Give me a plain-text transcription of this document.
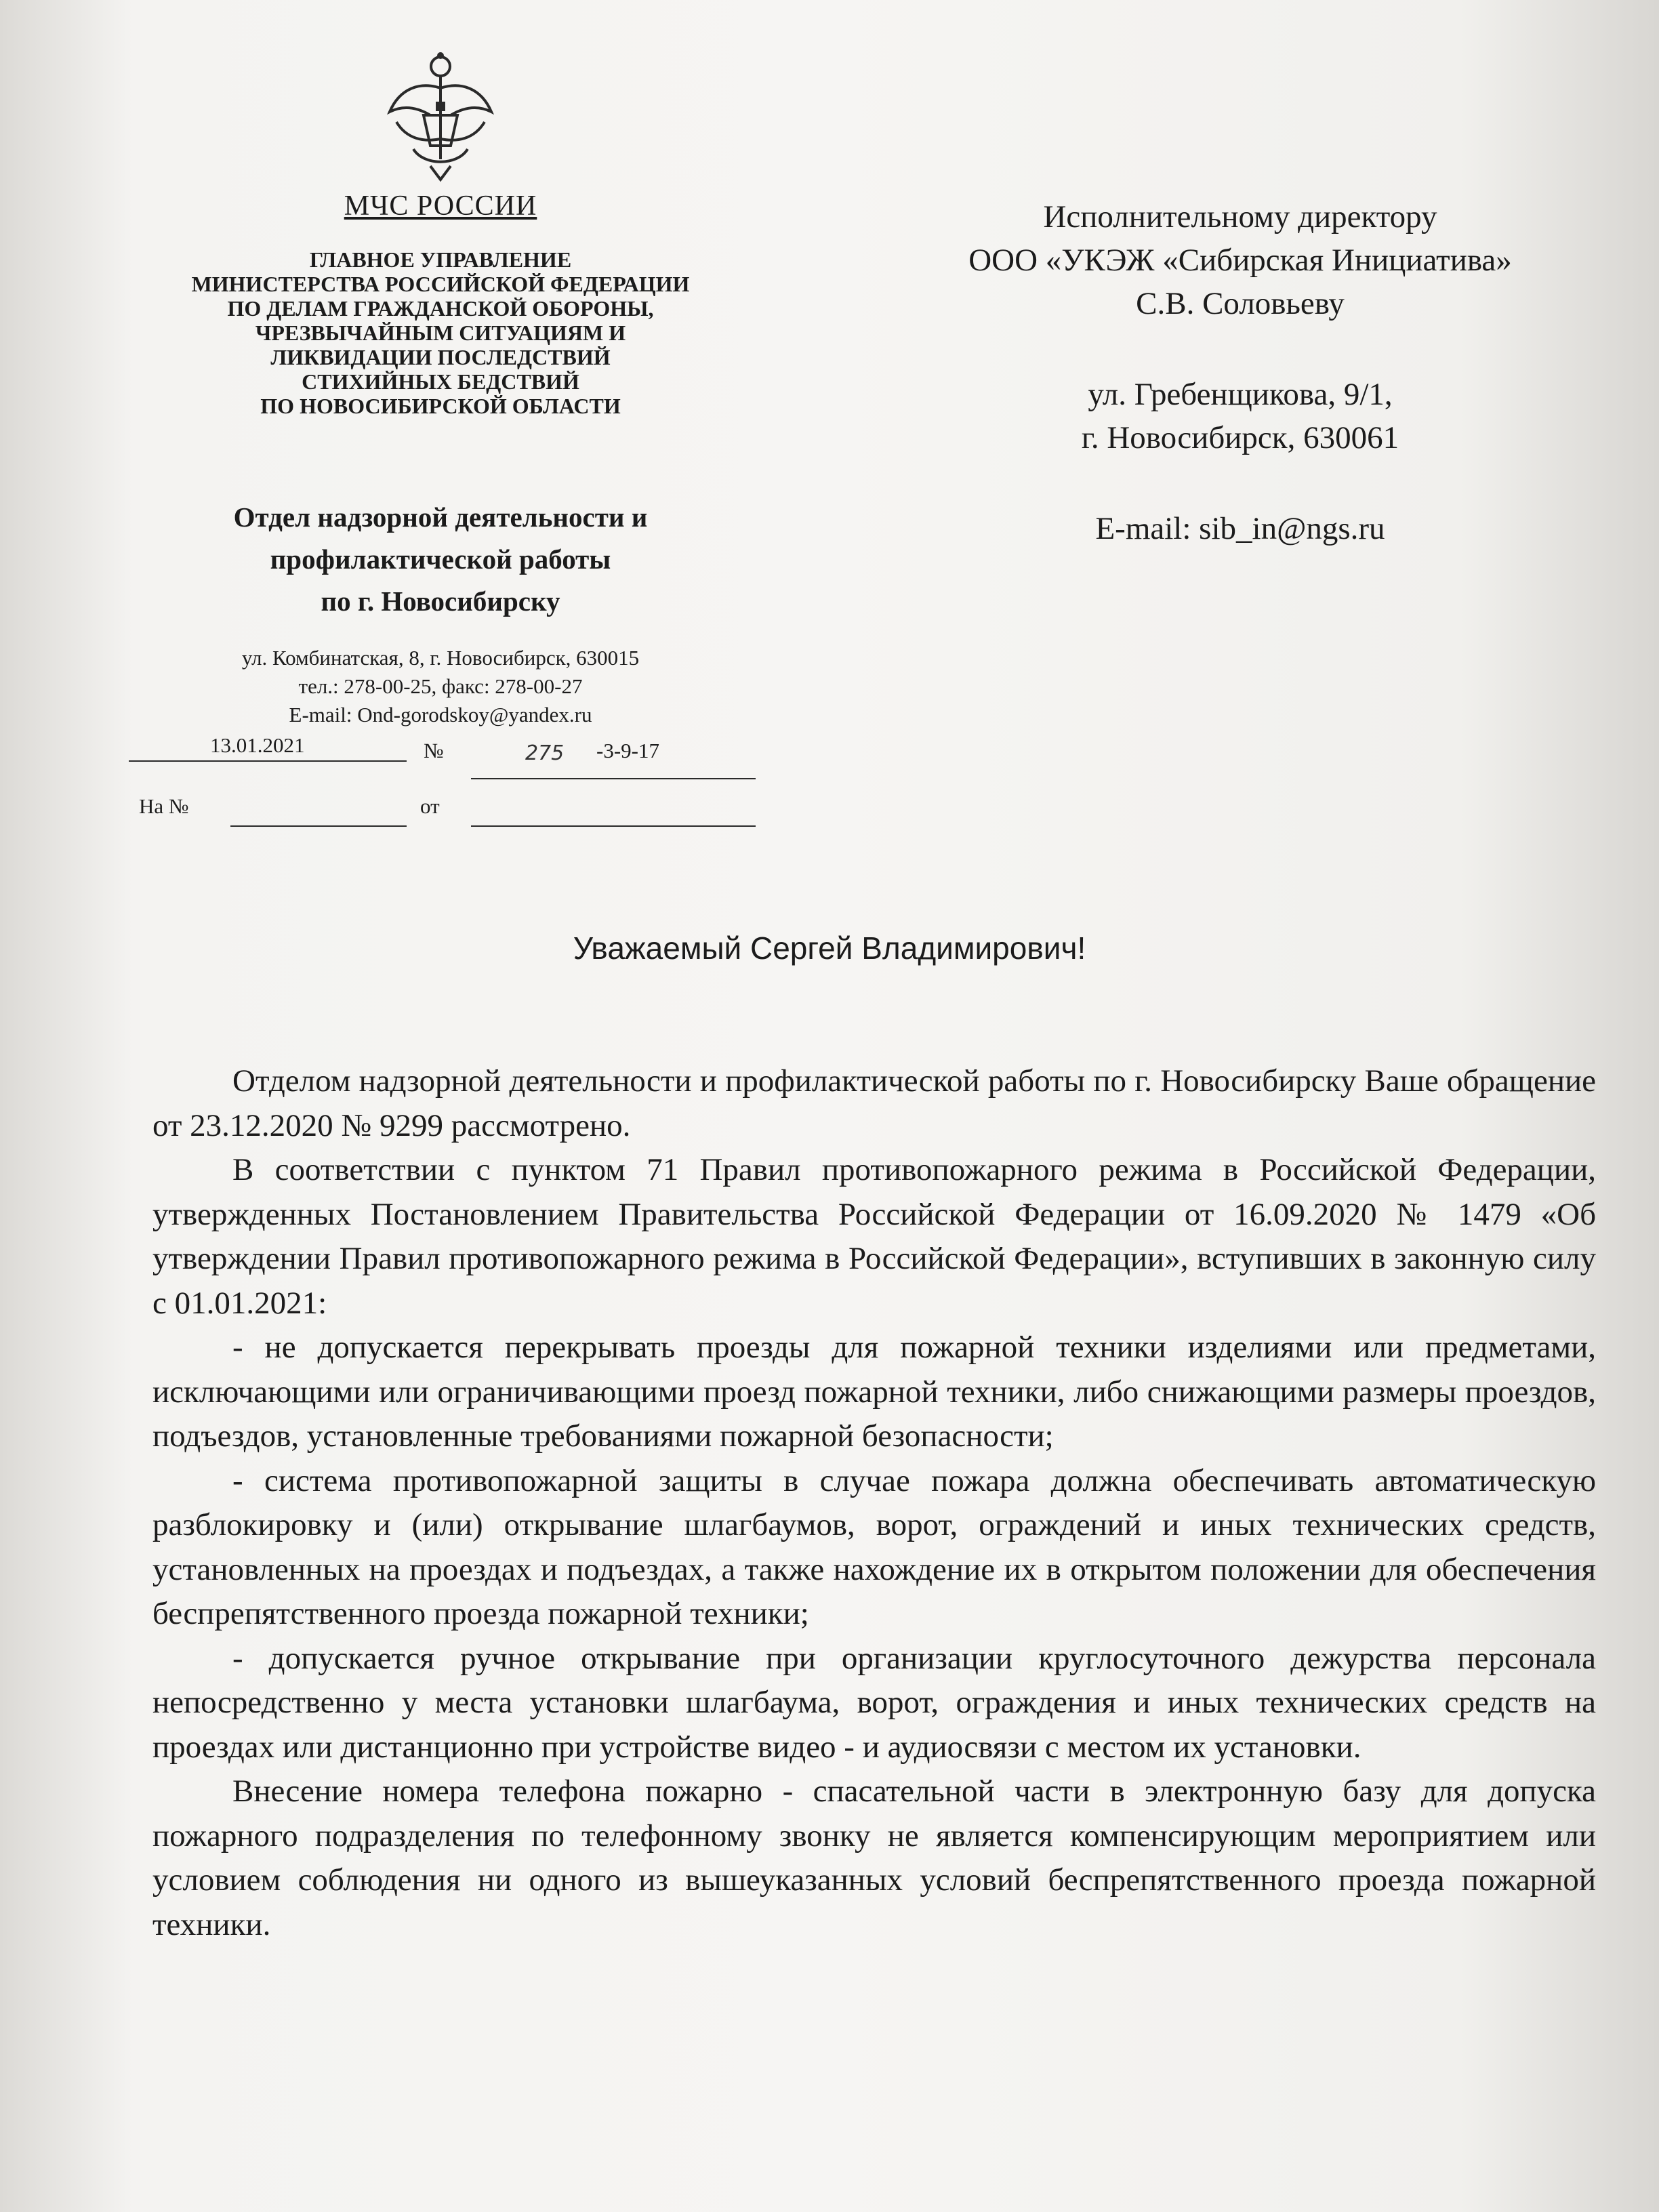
МЧС РОССИИ
ГЛАВНОЕ УПРАВЛЕНИЕ
МИНИСТЕРСТВА РОССИЙСКОЙ ФЕДЕРАЦИИ
ПО ДЕЛАМ ГРАЖДАНСКОЙ ОБОРОНЫ,
ЧРЕЗВЫЧАЙНЫМ СИТУАЦИЯМ И
ЛИКВИДАЦИИ ПОСЛЕДСТВИЙ
СТИХИЙНЫХ БЕДСТВИЙ
ПО НОВОСИБИРСКОЙ ОБЛАСТИ
Отдел надзорной деятельности и
профилактической работы
по г. Новосибирску
ул. Комбинатская, 8, г. Новосибирск, 630015
тел.: 278-00-25, факс: 278-00-27
E-mail: Ond-gorodskoy@yandex.ru
13.01.2021	№	275 -3-9-17
На №	от
Исполнительному директору
ООО «УКЭЖ «Сибирская Инициатива»
С.В. Соловьеву
ул. Гребенщикова, 9/1,
г. Новосибирск, 630061
E-mail: sib_in@ngs.ru
Уважаемый Сергей Владимирович!

Отделом надзорной деятельности и профилактической работы по г. Новосибирску Ваше обращение от 23.12.2020 № 9299 рассмотрено.

В соответствии с пунктом 71 Правил противопожарного режима в Российской Федерации, утвержденных Постановлением Правительства Российской Федерации от 16.09.2020 № 1479 «Об утверждении Правил противопожарного режима в Российской Федерации», вступивших в законную силу с 01.01.2021:

- не допускается перекрывать проезды для пожарной техники изделиями или предметами, исключающими или ограничивающими проезд пожарной техники, либо снижающими размеры проездов, подъездов, установленные требованиями пожарной безопасности;

- система противопожарной защиты в случае пожара должна обеспечивать автоматическую разблокировку и (или) открывание шлагбаумов, ворот, ограждений и иных технических средств, установленных на проездах и подъездах, а также нахождение их в открытом положении для обеспечения беспрепятственного проезда пожарной техники;

- допускается ручное открывание при организации круглосуточного дежурства персонала непосредственно у места установки шлагбаума, ворот, ограждения и иных технических средств на проездах или дистанционно при устройстве видео - и аудиосвязи с местом их установки.

Внесение номера телефона пожарно - спасательной части в электронную базу для допуска пожарного подразделения по телефонному звонку не является компенсирующим мероприятием или условием соблюдения ни одного из вышеуказанных условий беспрепятственного проезда пожарной техники.
